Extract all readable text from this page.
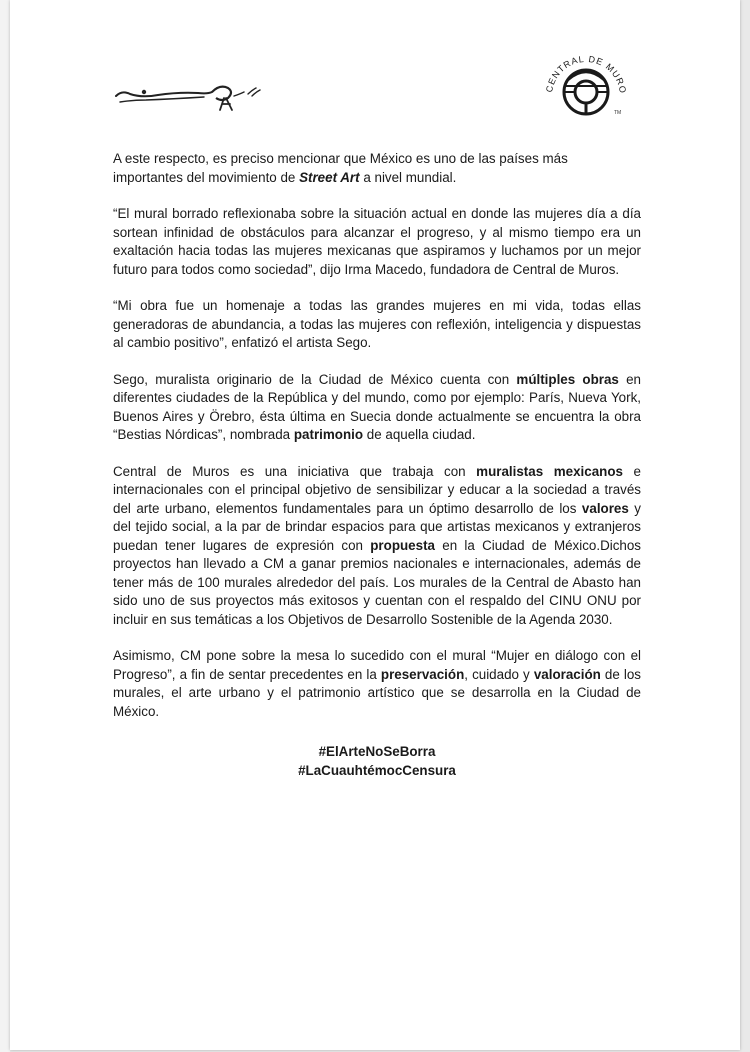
CENTRAL DE MURO
TM

A este respecto, es preciso mencionar que México es uno de las países más importantes del movimiento de Street Art a nivel mundial.

“El mural borrado reflexionaba sobre la situación actual en donde las mujeres día a día sortean infinidad de obstáculos para alcanzar el progreso, y al mismo tiempo era un exaltación hacia todas las mujeres mexicanas que aspiramos y luchamos por un mejor futuro para todos como sociedad”, dijo Irma Macedo, fundadora de Central de Muros.

“Mi obra fue un homenaje a todas las grandes mujeres en mi vida, todas ellas generadoras de abundancia, a todas las mujeres con reflexión, inteligencia y dispuestas al cambio positivo”, enfatizó el artista Sego.

Sego, muralista originario de la Ciudad de México cuenta con múltiples obras en diferentes ciudades de la República y del mundo, como por ejemplo: París, Nueva York, Buenos Aires y Örebro, ésta última en Suecia donde actualmente se encuentra la obra “Bestias Nórdicas”, nombrada patrimonio de aquella ciudad.

Central de Muros es una iniciativa que trabaja con muralistas mexicanos e internacionales con el principal objetivo de sensibilizar y educar a la sociedad a través del arte urbano, elementos fundamentales para un óptimo desarrollo de los valores y del tejido social, a la par de brindar espacios para que artistas mexicanos y extranjeros puedan tener lugares de expresión con propuesta en la Ciudad de México.Dichos proyectos han llevado a CM a ganar premios nacionales e internacionales, además de tener más de 100 murales alrededor del país. Los murales de la Central de Abasto han sido uno de sus proyectos más exitosos y cuentan con el respaldo del CINU ONU por incluir en sus temáticas a los Objetivos de Desarrollo Sostenible de la Agenda 2030.

Asimismo, CM pone sobre la mesa lo sucedido con el mural “Mujer en diálogo con el Progreso”, a fin de sentar precedentes en la preservación, cuidado y valoración de los murales, el arte urbano y el patrimonio artístico que se desarrolla en la Ciudad de México.

#ElArteNoSeBorra
#LaCuauhtémocCensura
